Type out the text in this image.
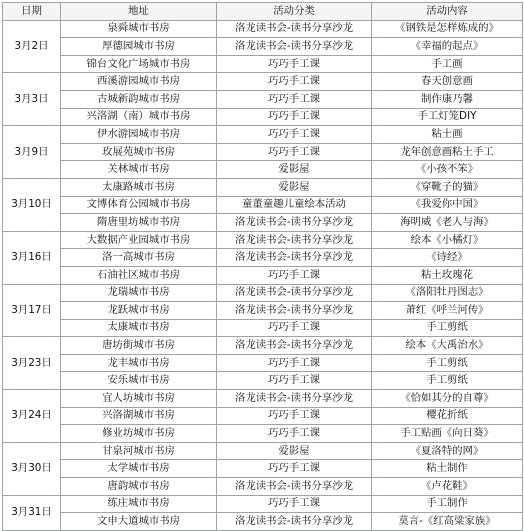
日期	地址	活动分类	活动内容
3月2日	泉舜城市书房	洛龙读书会-读书分享沙龙	《钢铁是怎样炼成的》
	厚德园城市书房	洛龙读书会-读书分享沙龙	《幸福的起点》
	锦台文化广场城市书房	巧巧手工课	手工画
3月3日	西溪游园城市书房	巧巧手工课	春天创意画
	古城新韵城市书房	巧巧手工课	制作康乃馨
	兴洛湖（南）城市书房	巧巧手工课	手工灯笼DIY
3月9日	伊水游园城市书房	巧巧手工课	粘土画
	玫展苑城市书房	巧巧手工课	龙年创意画粘土手工
	关林城市书房	爱影屋	《小孩不笨》
3月10日	太康路城市书房	爱影屋	《穿靴子的猫》
	文博体育公园城市书房	童董童趣儿童绘本活动	《我爱你中国》
	隋唐里坊城市书房	洛龙读书会-读书分享沙龙	海明威《老人与海》
3月16日	大数据产业园城市书房	洛龙读书会-读书分享沙龙	绘本《小橘灯》
	洛一高城市书房	洛龙读书会-读书分享沙龙	《诗经》
	石油社区城市书房	巧巧手工课	粘土玫瑰花
3月17日	龙瑞城市书房	洛龙读书会-读书分享沙龙	《洛阳牡丹图志》
	龙跃城市书房	洛龙读书会-读书分享沙龙	萧红《呼兰河传》
	太康城市书房	巧巧手工课	手工剪纸
3月23日	唐坊街城市书房	洛龙读书会-读书分享沙龙	绘本《大禹治水》
	龙丰城市书房	巧巧手工课	手工剪纸
	安乐城市书房	巧巧手工课	手工剪纸
3月24日	宜人坊城市书房	洛龙读书会-读书分享沙龙	《恰如其分的自尊》
	兴洛湖城市书房	巧巧手工课	樱花折纸
	修业坊城市书房	巧巧手工课	手工贴画《向日葵》
3月30日	甘泉河城市书房	爱影屋	《夏洛特的网》
	太学城市书房	巧巧手工课	粘土制作
	唐韵城市书房	洛龙读书会-读书分享沙龙	《卢花鞋》
3月31日	练庄城市书房	巧巧手工课	手工制作
	文申大道城市书房	洛龙读书会-读书分享沙龙	莫言-《红高粱家族》
